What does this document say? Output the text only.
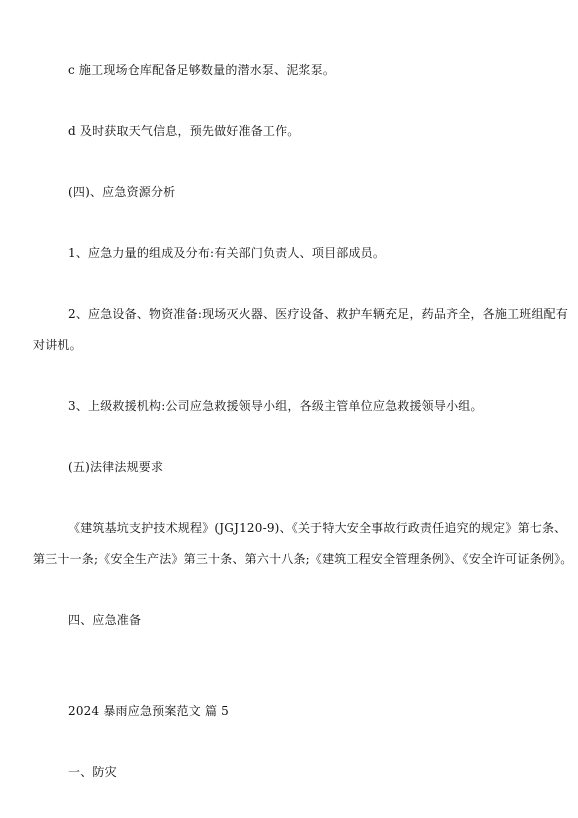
c 施工现场仓库配备足够数量的潜水泵、泥浆泵。
d 及时获取天气信息，预先做好准备工作。
(四)、应急资源分析
1、应急力量的组成及分布:有关部门负责人、项目部成员。
2、应急设备、物资准备:现场灭火器、医疗设备、救护车辆充足，药品齐全，各施工班组配有
对讲机。
3、上级救援机构:公司应急救援领导小组，各级主管单位应急救援领导小组。
(五)法律法规要求
《建筑基坑支护技术规程》(JGJ120-9)、《关于特大安全事故行政责任追究的规定》第七条、
第三十一条;《安全生产法》第三十条、第六十八条;《建筑工程安全管理条例》、《安全许可证条例》。
四、应急准备
2024 暴雨应急预案范文 篇 5
一、防灾
